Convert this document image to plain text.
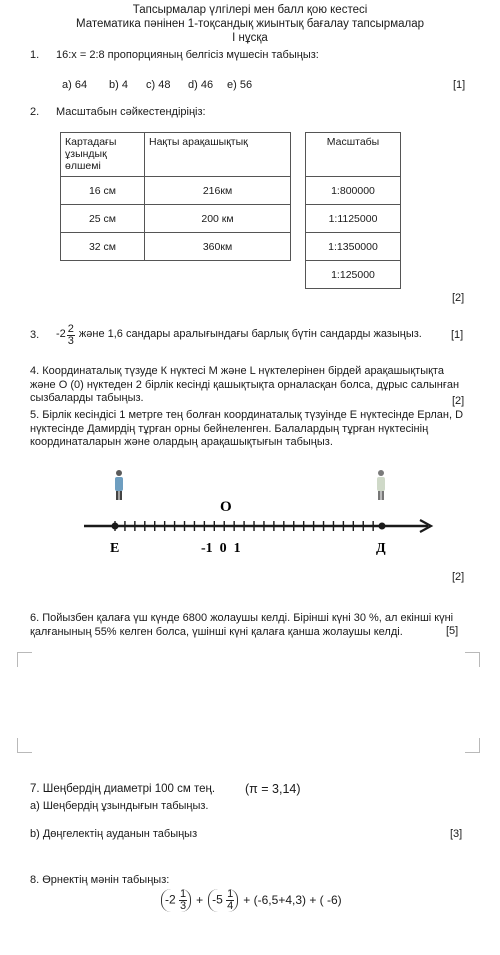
Тапсырмалар үлгілері мен балл қою кестесі
Математика пәнінен 1-тоқсандық жиынтық бағалау тапсырмалар
І нұсқа
1. 16:x = 2:8 пропорцияның белгісіз мүшесін табыңыз:
a) 64 b) 4 c) 48 d) 46 e) 56	[1]
2. Масштабын сәйкестендіріңіз:
Картадағы ұзындық өлшемі	Нақты арақашықтық		Масштабы
16 см	216км		1:800000
25 см	200 км		1:1125000
32 см	360км		1:1350000
			1:125000
[2]
3. $-2 \frac{2}{3}$ және 1,6 сандары аралығындағы барлық бүтін сандарды жазыңыз.	[1]
4. Координаталық түзуде К нүктесі М және L нүктелерінен бірдей арақашықтықта және О (0) нүктеден 2 бірлік кесінді қашықтықта орналасқан болса, дұрыс салынған сызбаларды табыңыз.	[2]
5. Бірлік кесіндісі 1 метрге тең болған координаталық түзуінде Е нүктесінде Ерлан, D нүктесінде Дамирдің тұрған орны бейнеленген. Балалардың тұрған нүктесінің координаталарын және олардың арақашықтығын табыңыз.
O
E	-1  0  1	Д
[2]
6. Пойызбен қалаға үш күнде 6800 жолаушы келді. Бірінші күні 30 %, ал екінші күні қалғанының 55% келген болса, үшінші күні қалаға қанша жолаушы келді.	[5]
7. Шеңбердің диаметрі 100 см тең. (π = 3,14)
a) Шеңбердің ұзындығын табыңыз.
b) Дөңгелектің ауданын табыңыз	[3]
8. Өрнектің мәнін табыңыз:
$-2 \frac{1}{3} + -5 \frac{1}{4} + (-6,5+4,3)$ + ( -6)
